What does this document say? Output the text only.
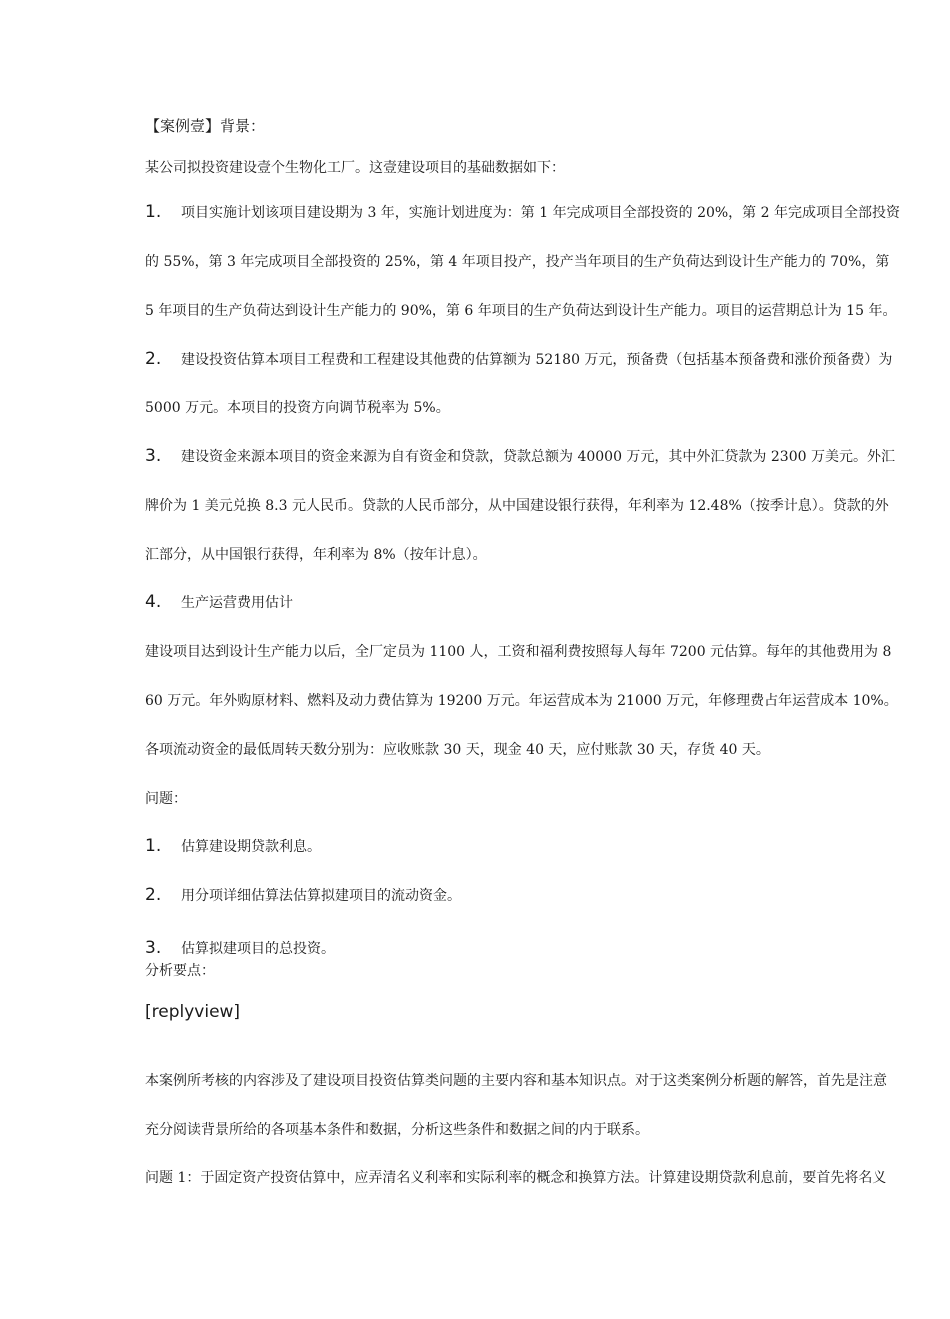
【案例壹】背景：
某公司拟投资建设壹个生物化工厂。这壹建设项目的基础数据如下：
1. 项目实施计划该项目建设期为 3 年，实施计划进度为：第 1 年完成项目全部投资的 20%，第 2 年完成项目全部投资
的 55%，第 3 年完成项目全部投资的 25%，第 4 年项目投产，投产当年项目的生产负荷达到设计生产能力的 70%，第
5 年项目的生产负荷达到设计生产能力的 90%，第 6 年项目的生产负荷达到设计生产能力。项目的运营期总计为 15 年。
2. 建设投资估算本项目工程费和工程建设其他费的估算额为 52180 万元，预备费（包括基本预备费和涨价预备费）为
5000 万元。本项目的投资方向调节税率为 5%。
3. 建设资金来源本项目的资金来源为自有资金和贷款，贷款总额为 40000 万元，其中外汇贷款为 2300 万美元。外汇
牌价为 1 美元兑换 8.3 元人民币。贷款的人民币部分，从中国建设银行获得，年利率为 12.48%（按季计息）。贷款的外
汇部分，从中国银行获得，年利率为 8%（按年计息）。
4. 生产运营费用估计
建设项目达到设计生产能力以后，全厂定员为 1100 人，工资和福利费按照每人每年 7200 元估算。每年的其他费用为 8
60 万元。年外购原材料、燃料及动力费估算为 19200 万元。年运营成本为 21000 万元，年修理费占年运营成本 10%。
各项流动资金的最低周转天数分别为：应收账款 30 天，现金 40 天，应付账款 30 天，存货 40 天。
问题：
1. 估算建设期贷款利息。
2. 用分项详细估算法估算拟建项目的流动资金。
3. 估算拟建项目的总投资。
分析要点：
[replyview]
本案例所考核的内容涉及了建设项目投资估算类问题的主要内容和基本知识点。对于这类案例分析题的解答，首先是注意
充分阅读背景所给的各项基本条件和数据，分析这些条件和数据之间的内于联系。
问题 1：于固定资产投资估算中，应弄清名义利率和实际利率的概念和换算方法。计算建设期贷款利息前，要首先将名义
